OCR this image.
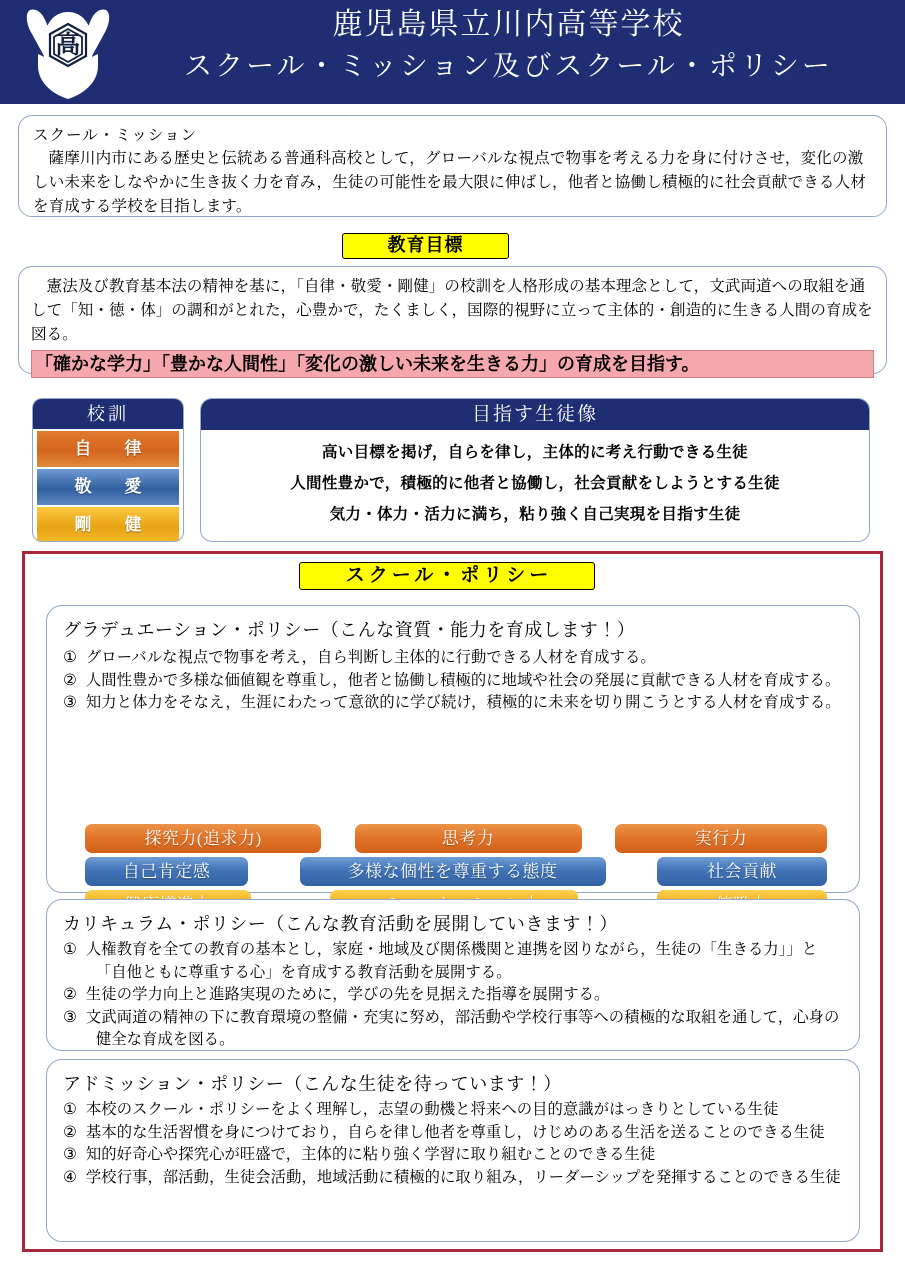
高
鹿児島県立川内高等学校
スクール・ミッション及びスクール・ポリシー
スクール・ミッション
薩摩川内市にある歴史と伝統ある普通科高校として，グローバルな視点で物事を考える力を身に付けさせ，変化の激しい未来をしなやかに生き抜く力を育み，生徒の可能性を最大限に伸ばし，他者と協働し積極的に社会貢献できる人材を育成する学校を目指します。
教育目標
憲法及び教育基本法の精神を基に，「自律・敬愛・剛健」の校訓を人格形成の基本理念として，文武両道への取組を通して「知・徳・体」の調和がとれた，心豊かで，たくましく，国際的視野に立って主体的・創造的に生きる人間の育成を図る。
「確かな学力」「豊かな人間性」「変化の激しい未来を生きる力」の育成を目指す。
校訓
自　律
敬　愛
剛　健
目指す生徒像
高い目標を掲げ，自らを律し，主体的に考え行動できる生徒
人間性豊かで，積極的に他者と協働し，社会貢献をしようとする生徒
気力・体力・活力に満ち，粘り強く自己実現を目指す生徒
スクール・ポリシー
グラデュエーション・ポリシー（こんな資質・能力を育成します！）
①グローバルな視点で物事を考え，自ら判断し主体的に行動できる人材を育成する。
②人間性豊かで多様な価値観を尊重し，他者と協働し積極的に地域や社会の発展に貢献できる人材を育成する。
③知力と体力をそなえ，生涯にわたって意欲的に学び続け，積極的に未来を切り開こうとする人材を育成する。
探究力(追求力)	思考力	実行力
自己肯定感	多様な個性を尊重する態度	社会貢献
カリキュラム・ポリシー（こんな教育活動を展開していきます！）
①人権教育を全ての教育の基本とし，家庭・地域及び関係機関と連携を図りながら，生徒の「生きる力」」と「自他ともに尊重する心」を育成する教育活動を展開する。
②生徒の学力向上と進路実現のために，学びの先を見据えた指導を展開する。
③文武両道の精神の下に教育環境の整備・充実に努め，部活動や学校行事等への積極的な取組を通して，心身の健全な育成を図る。
アドミッション・ポリシー（こんな生徒を待っています！）
①本校のスクール・ポリシーをよく理解し，志望の動機と将来への目的意識がはっきりとしている生徒
②基本的な生活習慣を身につけており，自らを律し他者を尊重し，けじめのある生活を送ることのできる生徒
③知的好奇心や探究心が旺盛で，主体的に粘り強く学習に取り組むことのできる生徒
④学校行事，部活動，生徒会活動，地域活動に積極的に取り組み，リーダーシップを発揮することのできる生徒
